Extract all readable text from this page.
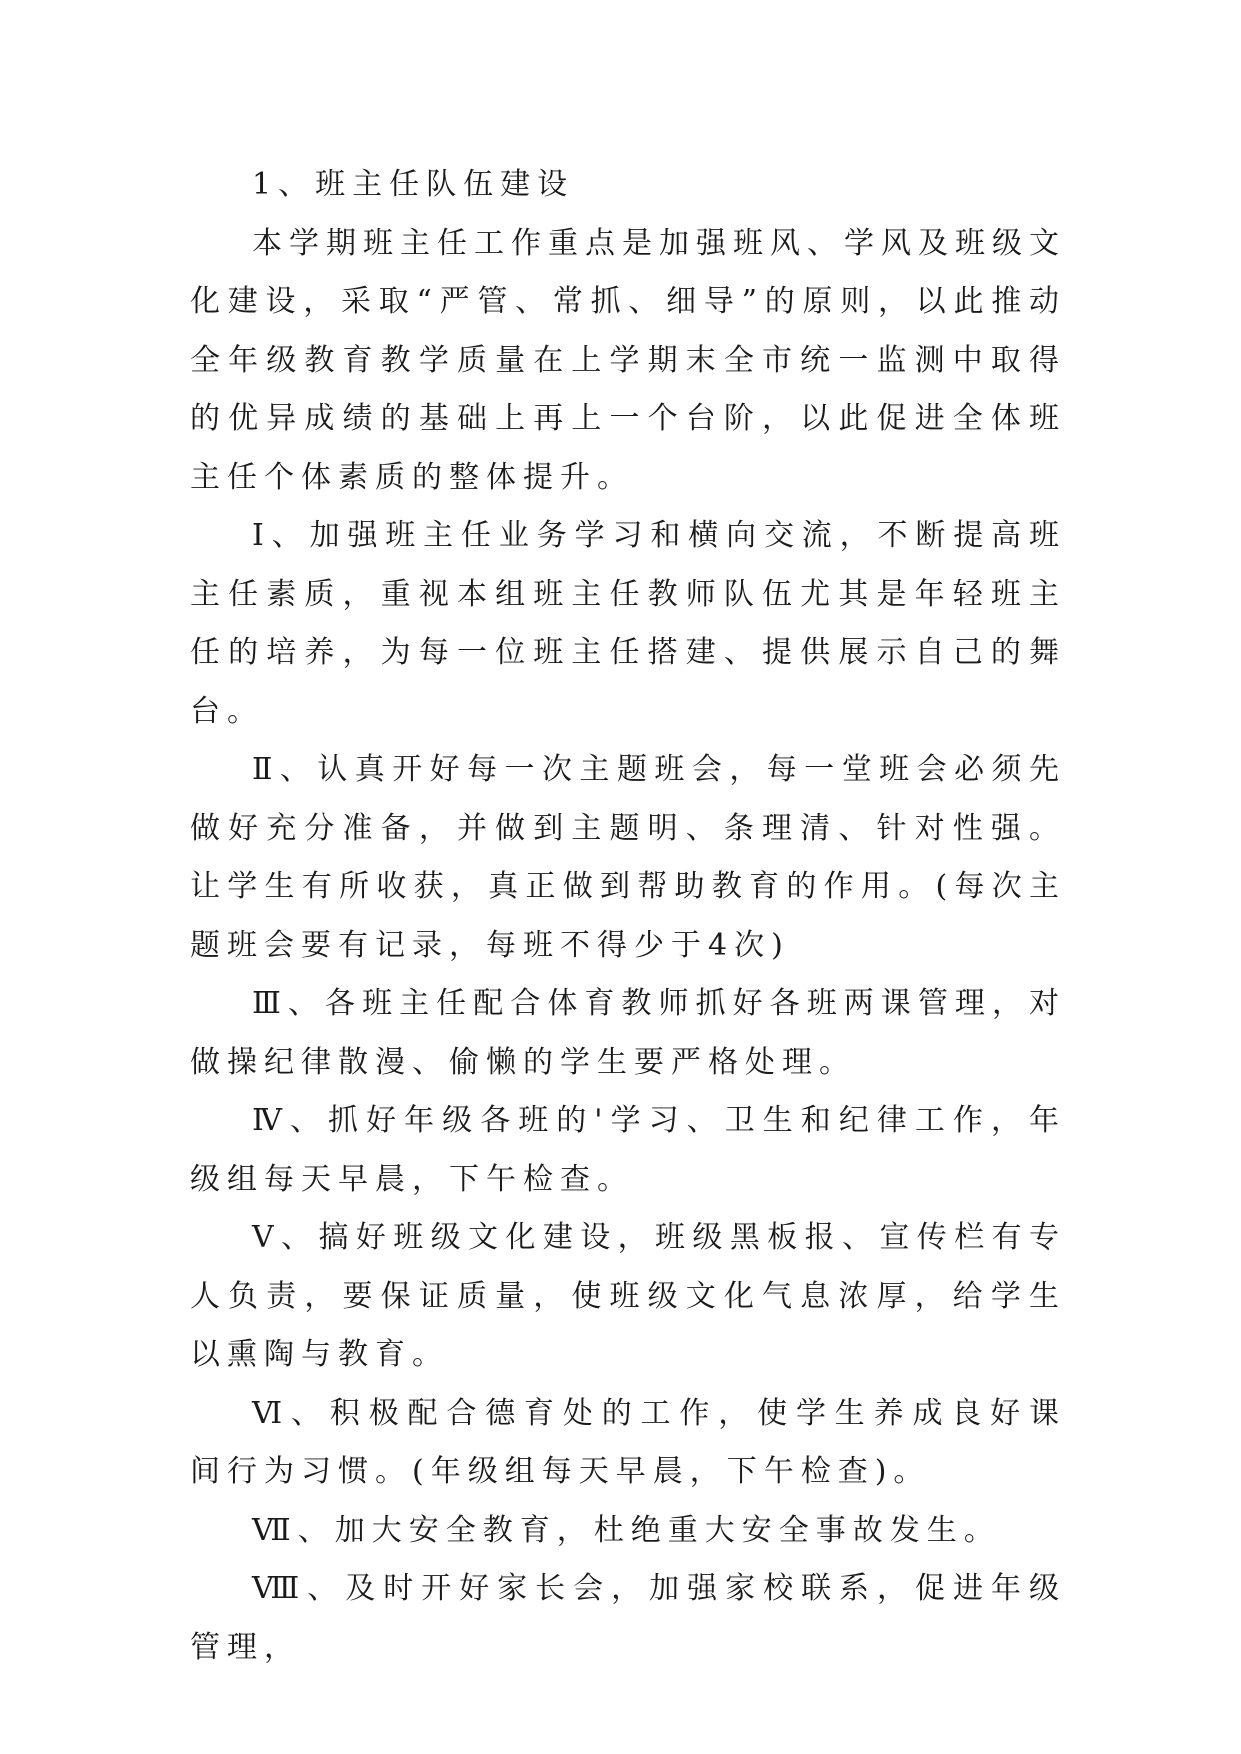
1、班主任队伍建设

本学期班主任工作重点是加强班风、学风及班级文化建设，采取“严管、常抓、细导”的原则，以此推动全年级教育教学质量在上学期末全市统一监测中取得的优异成绩的基础上再上一个台阶，以此促进全体班主任个体素质的整体提升。

Ⅰ、加强班主任业务学习和横向交流，不断提高班主任素质，重视本组班主任教师队伍尤其是年轻班主任的培养，为每一位班主任搭建、提供展示自己的舞台。

Ⅱ、认真开好每一次主题班会，每一堂班会必须先做好充分准备，并做到主题明、条理清、针对性强。让学生有所收获，真正做到帮助教育的作用。(每次主题班会要有记录，每班不得少于4次)

Ⅲ、各班主任配合体育教师抓好各班两课管理，对做操纪律散漫、偷懒的学生要严格处理。

Ⅳ、抓好年级各班的'学习、卫生和纪律工作，年级组每天早晨，下午检查。

Ⅴ、搞好班级文化建设，班级黑板报、宣传栏有专人负责，要保证质量，使班级文化气息浓厚，给学生以熏陶与教育。

Ⅵ、积极配合德育处的工作，使学生养成良好课间行为习惯。(年级组每天早晨，下午检查)。

Ⅶ、加大安全教育，杜绝重大安全事故发生。

Ⅷ、及时开好家长会，加强家校联系，促进年级管理，
